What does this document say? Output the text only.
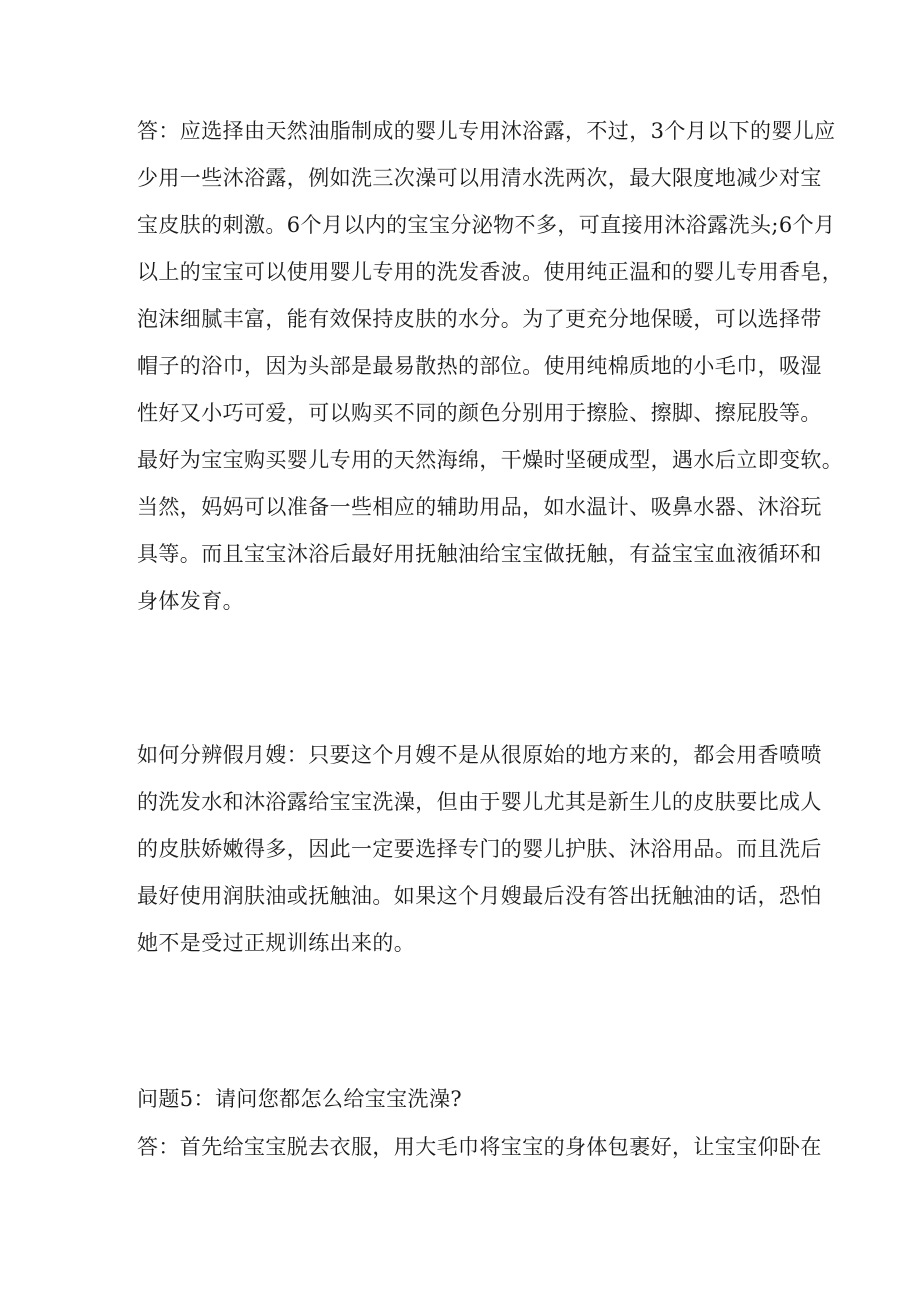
答：应选择由天然油脂制成的婴儿专用沐浴露，不过，3个月以下的婴儿应
少用一些沐浴露，例如洗三次澡可以用清水洗两次，最大限度地减少对宝
宝皮肤的刺激。6个月以内的宝宝分泌物不多，可直接用沐浴露洗头;6个月
以上的宝宝可以使用婴儿专用的洗发香波。使用纯正温和的婴儿专用香皂，
泡沫细腻丰富，能有效保持皮肤的水分。为了更充分地保暖，可以选择带
帽子的浴巾，因为头部是最易散热的部位。使用纯棉质地的小毛巾，吸湿
性好又小巧可爱，可以购买不同的颜色分别用于擦脸、擦脚、擦屁股等。
最好为宝宝购买婴儿专用的天然海绵，干燥时坚硬成型，遇水后立即变软。
当然，妈妈可以准备一些相应的辅助用品，如水温计、吸鼻水器、沐浴玩
具等。而且宝宝沐浴后最好用抚触油给宝宝做抚触，有益宝宝血液循环和
身体发育。
如何分辨假月嫂：只要这个月嫂不是从很原始的地方来的，都会用香喷喷
的洗发水和沐浴露给宝宝洗澡，但由于婴儿尤其是新生儿的皮肤要比成人
的皮肤娇嫩得多，因此一定要选择专门的婴儿护肤、沐浴用品。而且洗后
最好使用润肤油或抚触油。如果这个月嫂最后没有答出抚触油的话，恐怕
她不是受过正规训练出来的。
问题5：请问您都怎么给宝宝洗澡?
答：首先给宝宝脱去衣服，用大毛巾将宝宝的身体包裹好，让宝宝仰卧在
